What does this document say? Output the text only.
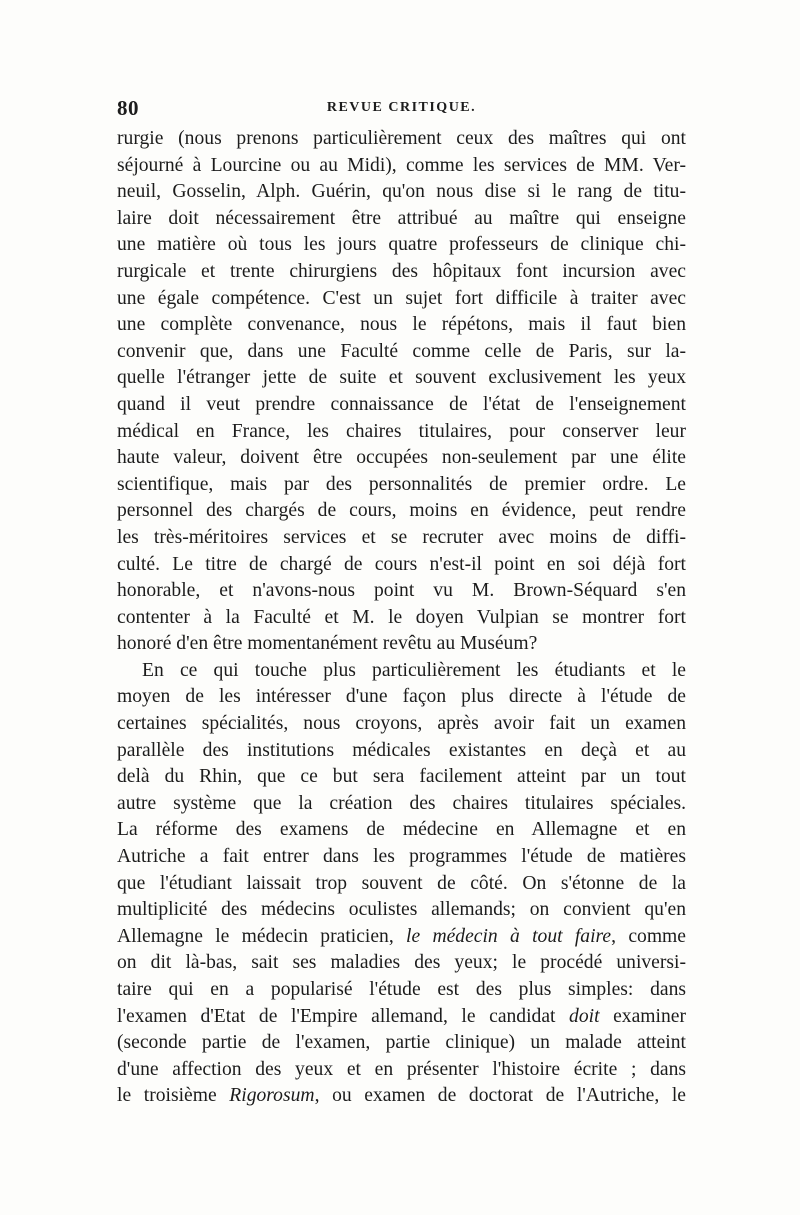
80	REVUE CRITIQUE.
rurgie (nous prenons particulièrement ceux des maîtres qui ont
séjourné à Lourcine ou au Midi), comme les services de MM. Ver-
neuil, Gosselin, Alph. Guérin, qu'on nous dise si le rang de titu-
laire doit nécessairement être attribué au maître qui enseigne
une matière où tous les jours quatre professeurs de clinique chi-
rurgicale et trente chirurgiens des hôpitaux font incursion avec
une égale compétence. C'est un sujet fort difficile à traiter avec
une complète convenance, nous le répétons, mais il faut bien
convenir que, dans une Faculté comme celle de Paris, sur la-
quelle l'étranger jette de suite et souvent exclusivement les yeux
quand il veut prendre connaissance de l'état de l'enseignement
médical en France, les chaires titulaires, pour conserver leur
haute valeur, doivent être occupées non-seulement par une élite
scientifique, mais par des personnalités de premier ordre. Le
personnel des chargés de cours, moins en évidence, peut rendre
les très-méritoires services et se recruter avec moins de diffi-
culté. Le titre de chargé de cours n'est-il point en soi déjà fort
honorable, et n'avons-nous point vu M. Brown-Séquard s'en
contenter à la Faculté et M. le doyen Vulpian se montrer fort
honoré d'en être momentanément revêtu au Muséum?
En ce qui touche plus particulièrement les étudiants et le
moyen de les intéresser d'une façon plus directe à l'étude de
certaines spécialités, nous croyons, après avoir fait un examen
parallèle des institutions médicales existantes en deçà et au
delà du Rhin, que ce but sera facilement atteint par un tout
autre système que la création des chaires titulaires spéciales.
La réforme des examens de médecine en Allemagne et en
Autriche a fait entrer dans les programmes l'étude de matières
que l'étudiant laissait trop souvent de côté. On s'étonne de la
multiplicité des médecins oculistes allemands; on convient qu'en
Allemagne le médecin praticien, le médecin à tout faire, comme
on dit là-bas, sait ses maladies des yeux; le procédé universi-
taire qui en a popularisé l'étude est des plus simples: dans
l'examen d'Etat de l'Empire allemand, le candidat doit examiner
(seconde partie de l'examen, partie clinique) un malade atteint
d'une affection des yeux et en présenter l'histoire écrite ; dans
le troisième Rigorosum, ou examen de doctorat de l'Autriche, le
